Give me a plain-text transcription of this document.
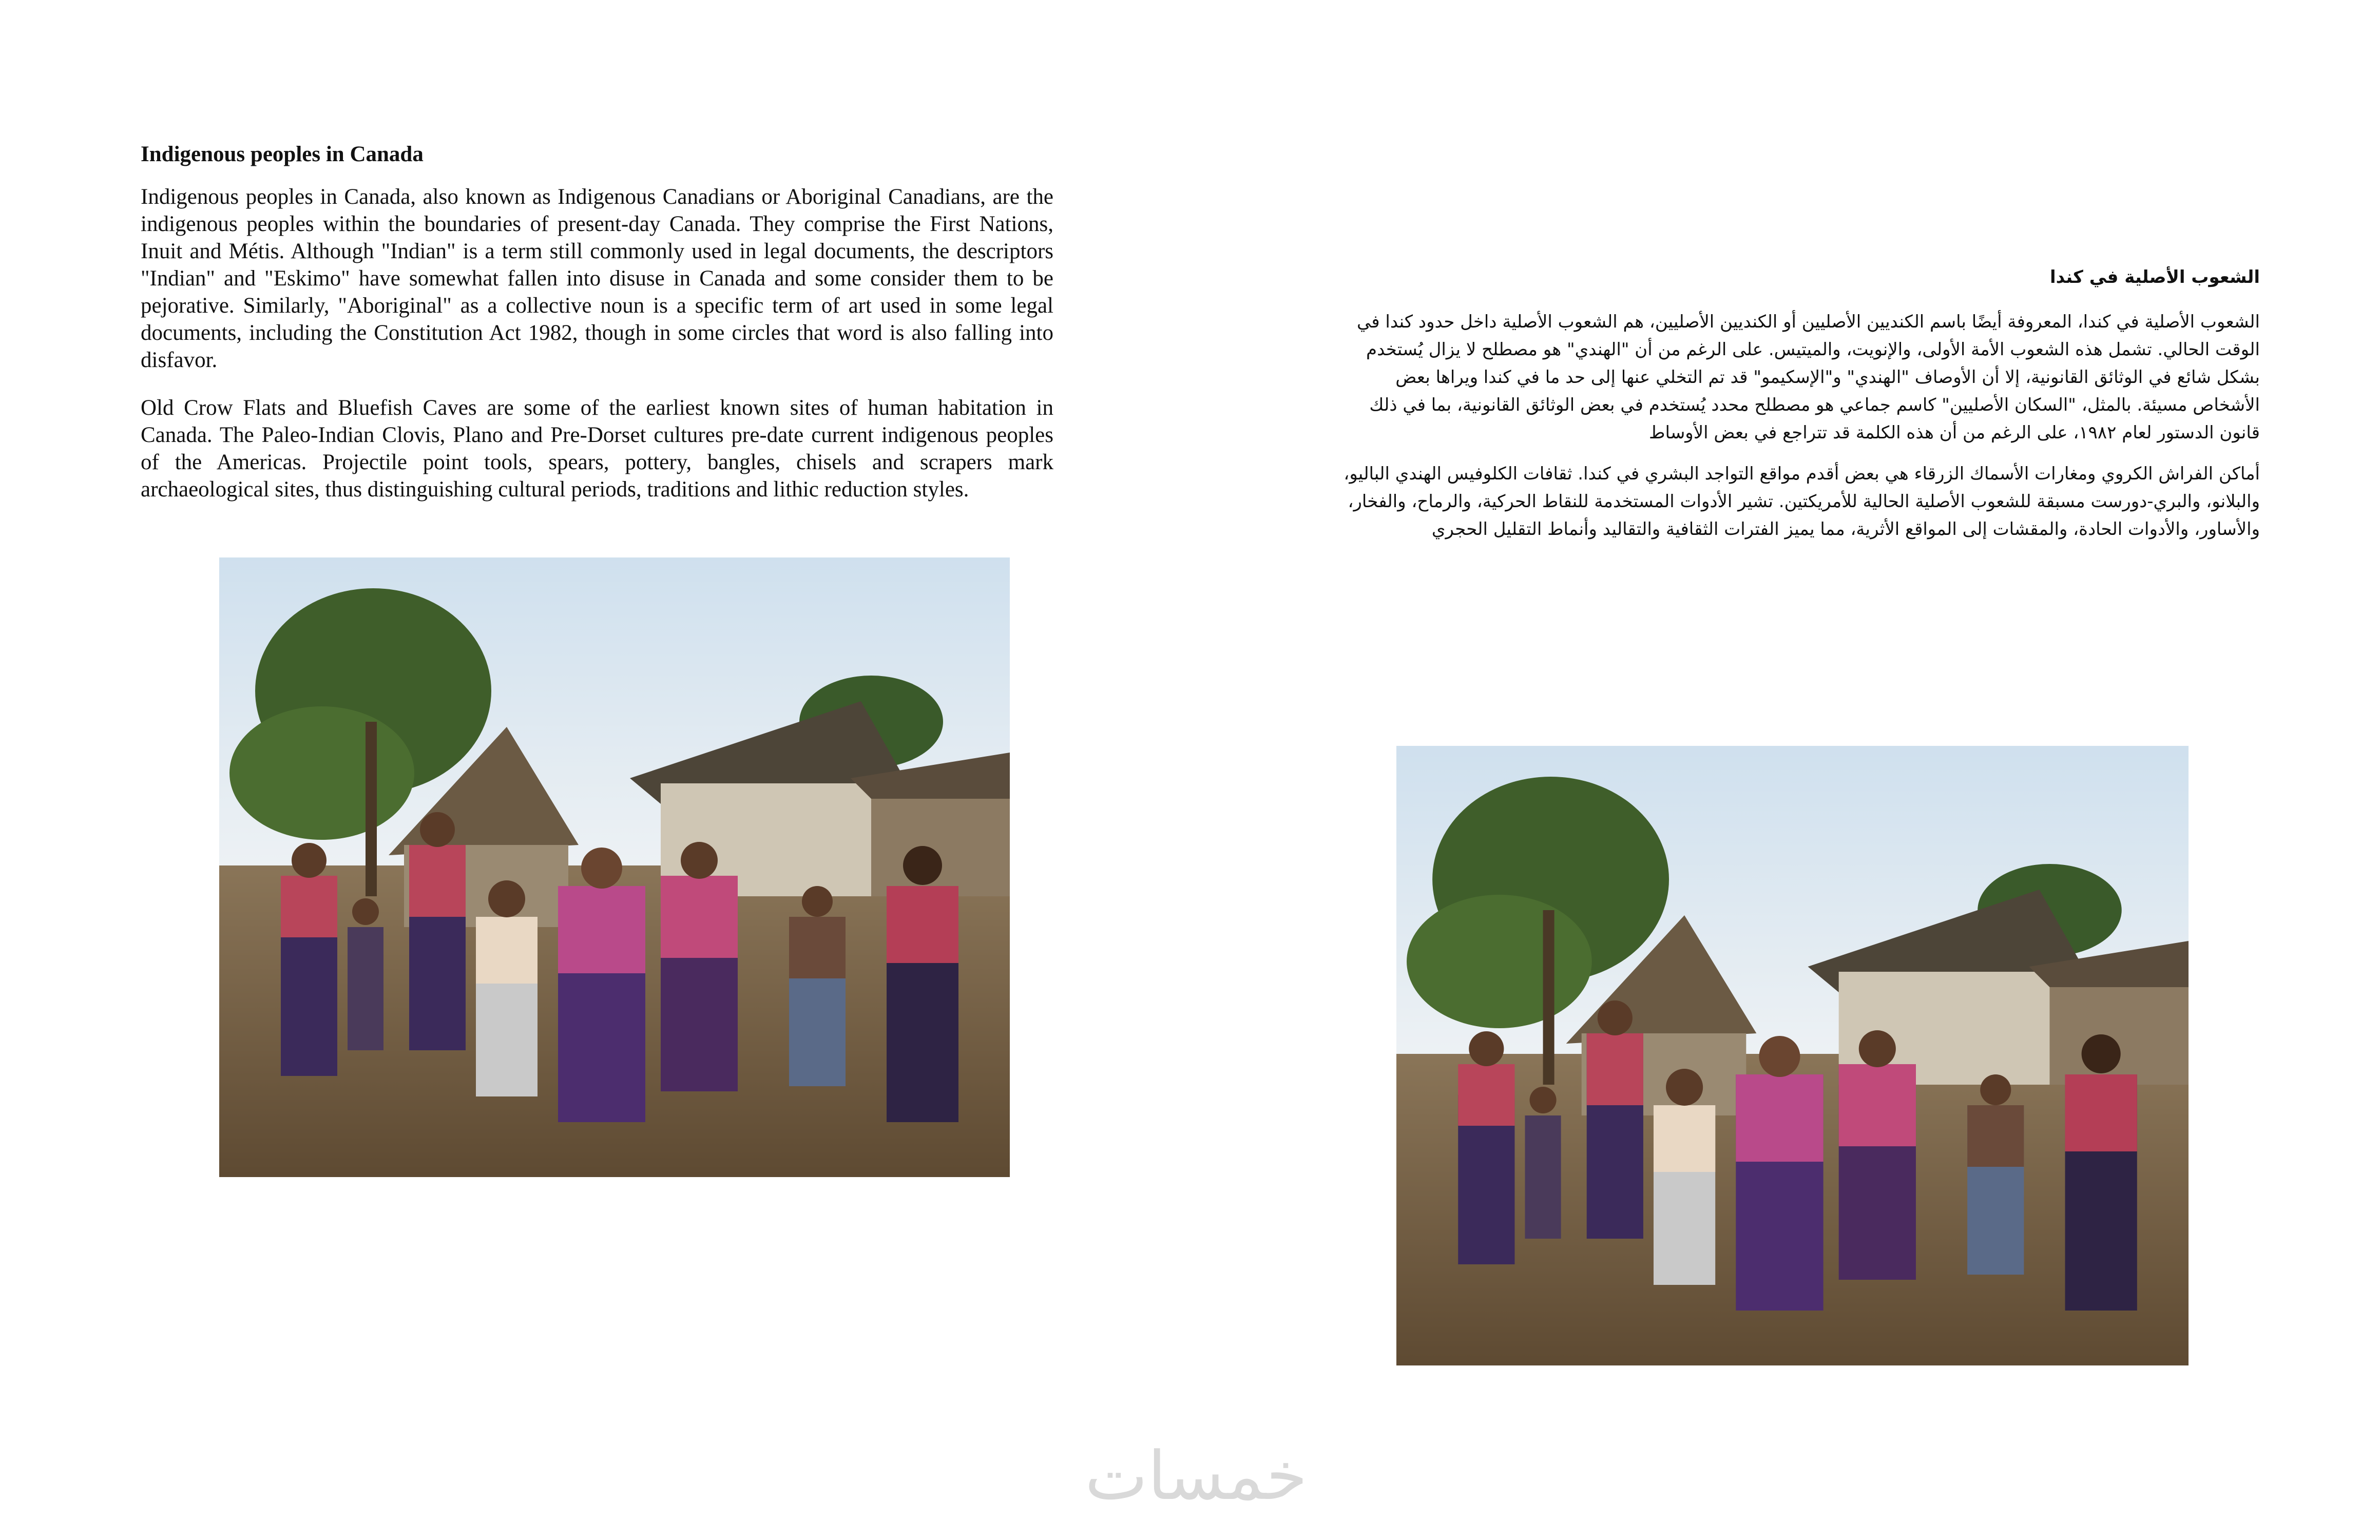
Indigenous peoples in Canada

Indigenous peoples in Canada, also known as Indigenous Canadians or Aboriginal Canadians, are the indigenous peoples within the boundaries of present-day Canada. They comprise the First Nations, Inuit and Métis. Although "Indian" is a term still commonly used in legal documents, the descriptors "Indian" and "Eskimo" have somewhat fallen into disuse in Canada and some consider them to be pejorative. Similarly, "Aboriginal" as a collective noun is a specific term of art used in some legal documents, including the Constitution Act 1982, though in some circles that word is also falling into disfavor.

Old Crow Flats and Bluefish Caves are some of the earliest known sites of human habitation in Canada. The Paleo-Indian Clovis, Plano and Pre-Dorset cultures pre-date current indigenous peoples of the Americas. Projectile point tools, spears, pottery, bangles, chisels and scrapers mark archaeological sites, thus distinguishing cultural periods, traditions and lithic reduction styles.

الشعوب الأصلية في كندا

الشعوب الأصلية في كندا، المعروفة أيضًا باسم الكنديين الأصليين أو الكنديين الأصليين، هم الشعوب الأصلية داخل حدود كندا في الوقت الحالي. تشمل هذه الشعوب الأمة الأولى، والإنويت، والميتيس. على الرغم من أن "الهندي" هو مصطلح لا يزال يُستخدم بشكل شائع في الوثائق القانونية، إلا أن الأوصاف "الهندي" و"الإسكيمو" قد تم التخلي عنها إلى حد ما في كندا ويراها بعض الأشخاص مسيئة. بالمثل، "السكان الأصليين" كاسم جماعي هو مصطلح محدد يُستخدم في بعض الوثائق القانونية، بما في ذلك قانون الدستور لعام ١٩٨٢، على الرغم من أن هذه الكلمة قد تتراجع في بعض الأوساط

أماكن الفراش الكروي ومغارات الأسماك الزرقاء هي بعض أقدم مواقع التواجد البشري في كندا. ثقافات الكلوفيس الهندي الباليو، والبلانو، والبري-دورست مسبقة للشعوب الأصلية الحالية للأمريكتين. تشير الأدوات المستخدمة للنقاط الحركية، والرماح، والفخار، والأساور، والأدوات الحادة، والمقشات إلى المواقع الأثرية، مما يميز الفترات الثقافية والتقاليد وأنماط التقليل الحجري

خمسات
